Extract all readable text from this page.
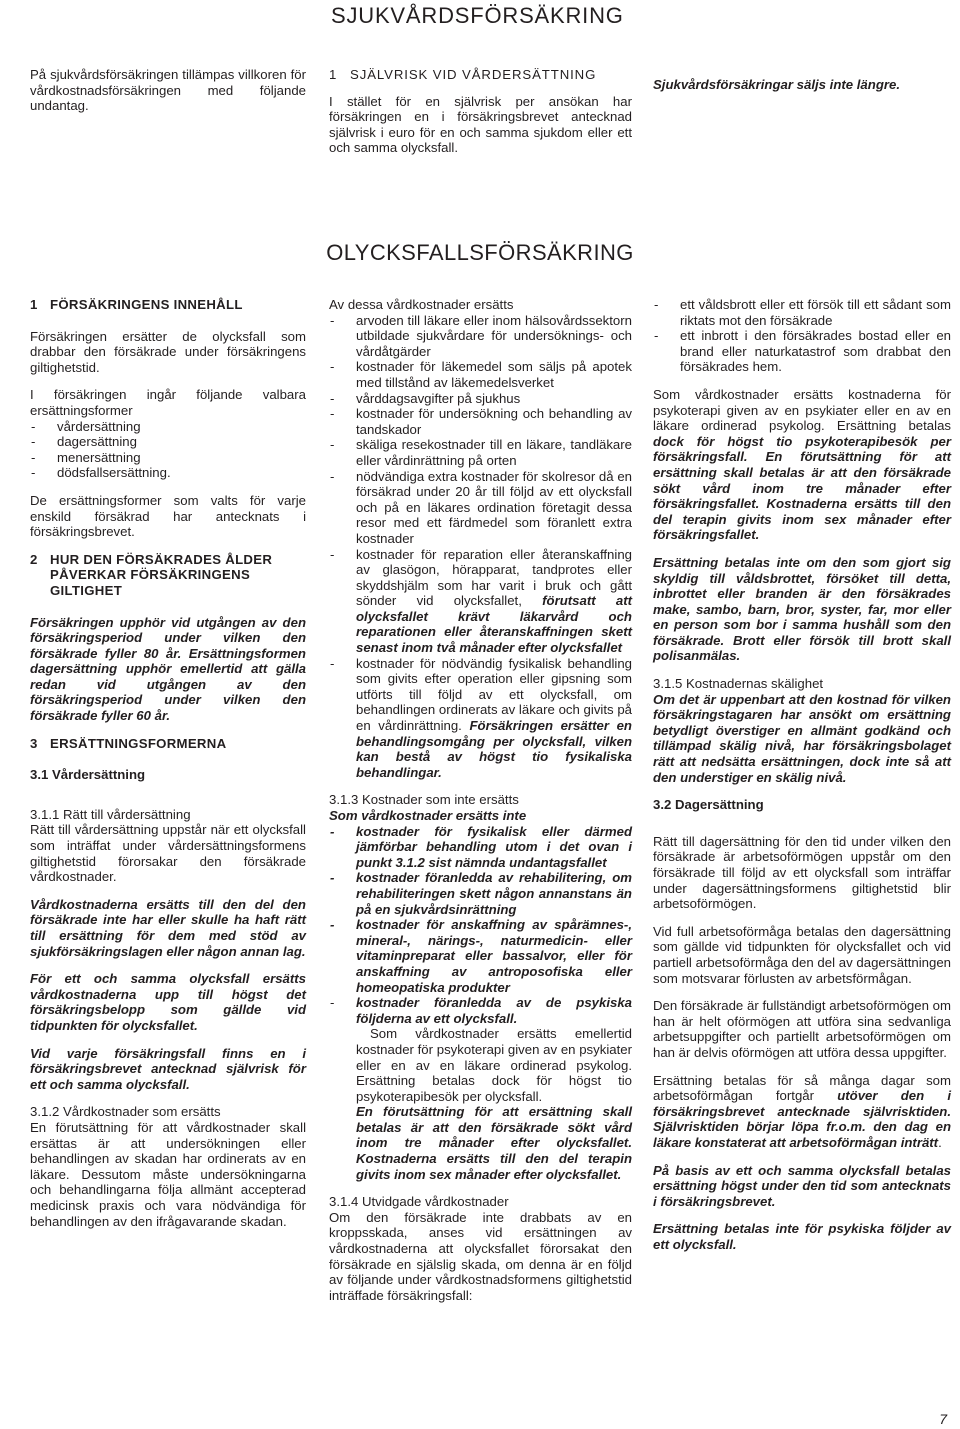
SJUKVÅRDSFÖRSÄKRING

På sjukvårdsförsäkringen tillämpas villkoren för vårdkostnadsförsäkringen med följande undantag.

1 SJÄLVRISK VID VÅRDERSÄTTNING

I stället för en självrisk per ansökan har försäkringen en i försäkringsbrevet antecknad självrisk i euro för en och samma sjukdom eller ett och samma olycksfall.

Sjukvårdsförsäkringar säljs inte längre.

OLYCKSFALLSFÖRSÄKRING
1 FÖRSÄKRINGENS INNEHÅLL

Försäkringen ersätter de olycksfall som drabbar den försäkrade under försäkringens giltighetstid.

I försäkringen ingår följande valbara ersättningsformer

- vårdersättning
- dagersättning
- menersättning
- dödsfallsersättning.

De ersättningsformer som valts för varje enskild försäkrad har antecknats i försäkringsbrevet.

2 HUR DEN FÖRSÄKRADES ÅLDER PÅVERKAR FÖRSÄKRINGENS GILTIGHET

Försäkringen upphör vid utgången av den försäkringsperiod under vilken den försäkrade fyller 80 år. Ersättningsformen dagersättning upphör emellertid att gälla redan vid utgången av den försäkringsperiod under vilken den försäkrade fyller 60 år.

3 ERSÄTTNINGSFORMERNA
3.1 Vårdersättning
3.1.1 Rätt till vårdersättning

Rätt till vårdersättning uppstår när ett olycksfall som inträffat under vårdersättningsformens giltighetstid förorsakar den försäkrade vårdkostnader.

Vårdkostnaderna ersätts till den del den försäkrade inte har eller skulle ha haft rätt till ersättning för dem med stöd av sjukförsäkringslagen eller någon annan lag.

För ett och samma olycksfall ersätts vårdkostnaderna upp till högst det försäkringsbelopp som gällde vid tidpunkten för olycksfallet.

Vid varje försäkringsfall finns en i försäkringsbrevet antecknad självrisk för ett och samma olycksfall.

3.1.2 Vårdkostnader som ersätts

En förutsättning för att vårdkostnader skall ersättas är att undersökningen eller behandlingen av skadan har ordinerats av en läkare. Dessutom måste undersökningarna och behandlingarna följa allmänt accepterad medicinsk praxis och vara nödvändiga för behandlingen av den ifrågavarande skadan.

Av dessa vårdkostnader ersätts
- arvoden till läkare eller inom hälsovårdssektorn utbildade sjukvårdare för undersöknings- och vårdåtgärder
- kostnader för läkemedel som säljs på apotek med tillstånd av läkemedelsverket
- vårddagsavgifter på sjukhus
- kostnader för undersökning och behandling av tandskador
- skäliga resekostnader till en läkare, tandläkare eller vårdinrättning på orten
- nödvändiga extra kostnader för skolresor då en försäkrad under 20 år till följd av ett olycksfall och på en läkares ordination företagit dessa resor med ett färdmedel som föranlett extra kostnader
- kostnader för reparation eller återanskaffning av glasögon, hörapparat, tandprotes eller skyddshjälm som har varit i bruk och gått sönder vid olycksfallet, förutsatt att olycksfallet krävt läkarvård och reparationen eller återanskaffningen skett senast inom två månader efter olycksfallet
- kostnader för nödvändig fysikalisk behandling som givits efter operation eller gipsning som utförts till följd av ett olycksfall, om behandlingen ordinerats av läkare och givits på en vårdinrättning. Försäkringen ersätter en behandlingsomgång per olycksfall, vilken kan bestå av högst tio fysikaliska behandlingar.
3.1.3 Kostnader som inte ersätts
Som vårdkostnader ersätts inte
- kostnader för fysikalisk eller därmed jämförbar behandling utom i det ovan i punkt 3.1.2 sist nämnda undantagsfallet
- kostnader föranledda av rehabilitering, om rehabiliteringen skett någon annanstans än på en sjukvårdsinrättning
- kostnader för anskaffning av spårämnes-, mineral-, närings-, naturmedicin- eller vitaminpreparat eller bassalvor, eller för anskaffning av antroposofiska eller homeopatiska produkter
- kostnader föranledda av de psykiska följderna av ett olycksfall.
Som vårdkostnader ersätts emellertid kostnader för psykoterapi given av en psykiater eller en av en läkare ordinerad psykolog. Ersättning betalas dock för högst tio psykoterapibesök per olycksfall.
En förutsättning för att ersättning skall betalas är att den försäkrade sökt vård inom tre månader efter olycksfallet. Kostnaderna ersätts till den del terapin givits inom sex månader efter olycksfallet.
3.1.4 Utvidgade vårdkostnader

Om den försäkrade inte drabbats av en kroppsskada, anses vid ersättningen av vårdkostnaderna att olycksfallet förorsakat den försäkrade en själslig skada, om denna är en följd av följande under vårdkostnadsformens giltighetstid inträffade försäkringsfall:

- ett våldsbrott eller ett försök till ett sådant som riktats mot den försäkrade
- ett inbrott i den försäkrades bostad eller en brand eller naturkatastrof som drabbat den försäkrades hem.

Som vårdkostnader ersätts kostnaderna för psykoterapi given av en psykiater eller en av en läkare ordinerad psykolog. Ersättning betalas dock för högst tio psykoterapibesök per försäkringsfall. En förutsättning för att ersättning skall betalas är att den försäkrade sökt vård inom tre månader efter försäkringsfallet. Kostnaderna ersätts till den del terapin givits inom sex månader efter försäkringsfallet.

Ersättning betalas inte om den som gjort sig skyldig till våldsbrottet, försöket till detta, inbrottet eller branden är den försäkrades make, sambo, barn, bror, syster, far, mor eller en person som bor i samma hushåll som den försäkrade. Brott eller försök till brott skall polisanmälas.

3.1.5 Kostnadernas skälighet

Om det är uppenbart att den kostnad för vilken försäkringstagaren har ansökt om ersättning betydligt överstiger en allmänt godkänd och tillämpad skälig nivå, har försäkringsbolaget rätt att nedsätta ersättningen, dock inte så att den understiger en skälig nivå.

3.2 Dagersättning

Rätt till dagersättning för den tid under vilken den försäkrade är arbetsoförmögen uppstår om den försäkrade till följd av ett olycksfall som inträffar under dagersättningsformens giltighetstid blir arbetsoförmögen.

Vid full arbetsoförmåga betalas den dagersättning som gällde vid tidpunkten för olycksfallet och vid partiell arbetsoförmåga den del av dagersättningen som motsvarar förlusten av arbetsförmågan.

Den försäkrade är fullständigt arbetsoförmögen om han är helt oförmögen att utföra sina sedvanliga arbetsuppgifter och partiellt arbetsoförmögen om han är delvis oförmögen att utföra dessa uppgifter.

Ersättning betalas för så många dagar som arbetsoförmågan fortgår utöver den i försäkringsbrevet antecknade självrisktiden. Självrisktiden börjar löpa fr.o.m. den dag en läkare konstaterat att arbetsoförmågan inträtt.

På basis av ett och samma olycksfall betalas ersättning högst under den tid som antecknats i försäkringsbrevet.

Ersättning betalas inte för psykiska följder av ett olycksfall.

7
